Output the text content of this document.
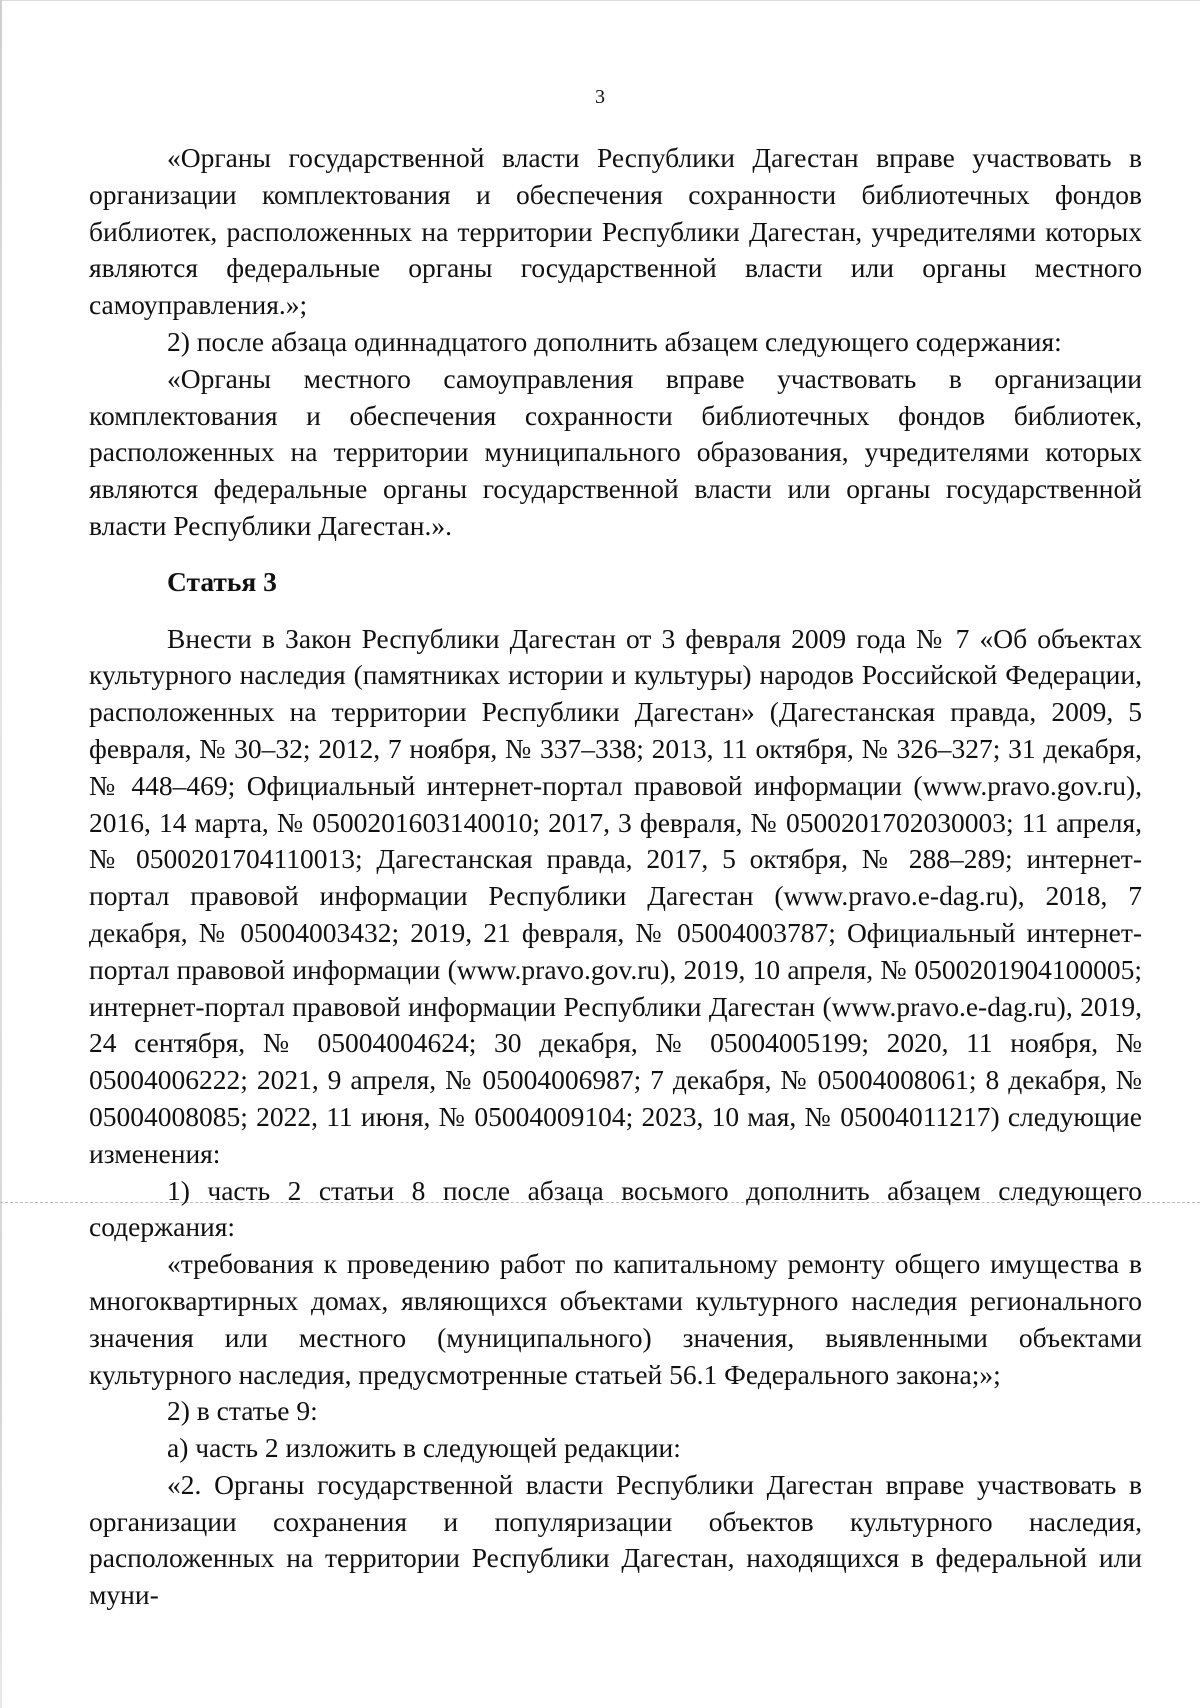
3

«Органы государственной власти Республики Дагестан вправе участвовать в организации комплектования и обеспечения сохранности библиотечных фондов библиотек, расположенных на территории Республики Дагестан, учредителями которых являются федеральные органы государственной власти или органы местного самоуправления.»;

2) после абзаца одиннадцатого дополнить абзацем следующего содержания:

«Органы местного самоуправления вправе участвовать в организации комплектования и обеспечения сохранности библиотечных фондов библиотек, расположенных на территории муниципального образования, учредителями которых являются федеральные органы государственной власти или органы государственной власти Республики Дагестан.».

Статья 3

Внести в Закон Республики Дагестан от 3 февраля 2009 года № 7 «Об объектах культурного наследия (памятниках истории и культуры) народов Российской Федерации, расположенных на территории Республики Дагестан» (Дагестанская правда, 2009, 5 февраля, № 30–32; 2012, 7 ноября, № 337–338; 2013, 11 октября, № 326–327; 31 декабря, № 448–469; Официальный интернет-портал правовой информации (www.pravo.gov.ru), 2016, 14 марта, № 0500201603140010; 2017, 3 февраля, № 0500201702030003; 11 апреля, № 0500201704110013; Дагестанская правда, 2017, 5 октября, № 288–289; интернет-портал правовой информации Республики Дагестан (www.pravo.e-dag.ru), 2018, 7 декабря, № 05004003432; 2019, 21 февраля, № 05004003787; Официальный интернет-портал правовой информации (www.pravo.gov.ru), 2019, 10 апреля, № 0500201904100005; интернет-портал правовой информации Республики Дагестан (www.pravo.e-dag.ru), 2019, 24 сентября, № 05004004624; 30 декабря, № 05004005199; 2020, 11 ноября, № 05004006222; 2021, 9 апреля, № 05004006987; 7 декабря, № 05004008061; 8 декабря, № 05004008085; 2022, 11 июня, № 05004009104; 2023, 10 мая, № 05004011217) следующие изменения:

1) часть 2 статьи 8 после абзаца восьмого дополнить абзацем следующего содержания:

«требования к проведению работ по капитальному ремонту общего имущества в многоквартирных домах, являющихся объектами культурного наследия регионального значения или местного (муниципального) значения, выявленными объектами культурного наследия, предусмотренные статьей 56.1 Федерального закона;»;

2) в статье 9:

а) часть 2 изложить в следующей редакции:

«2. Органы государственной власти Республики Дагестан вправе участвовать в организации сохранения и популяризации объектов культурного наследия, расположенных на территории Республики Дагестан, находящихся в федеральной или муни-
